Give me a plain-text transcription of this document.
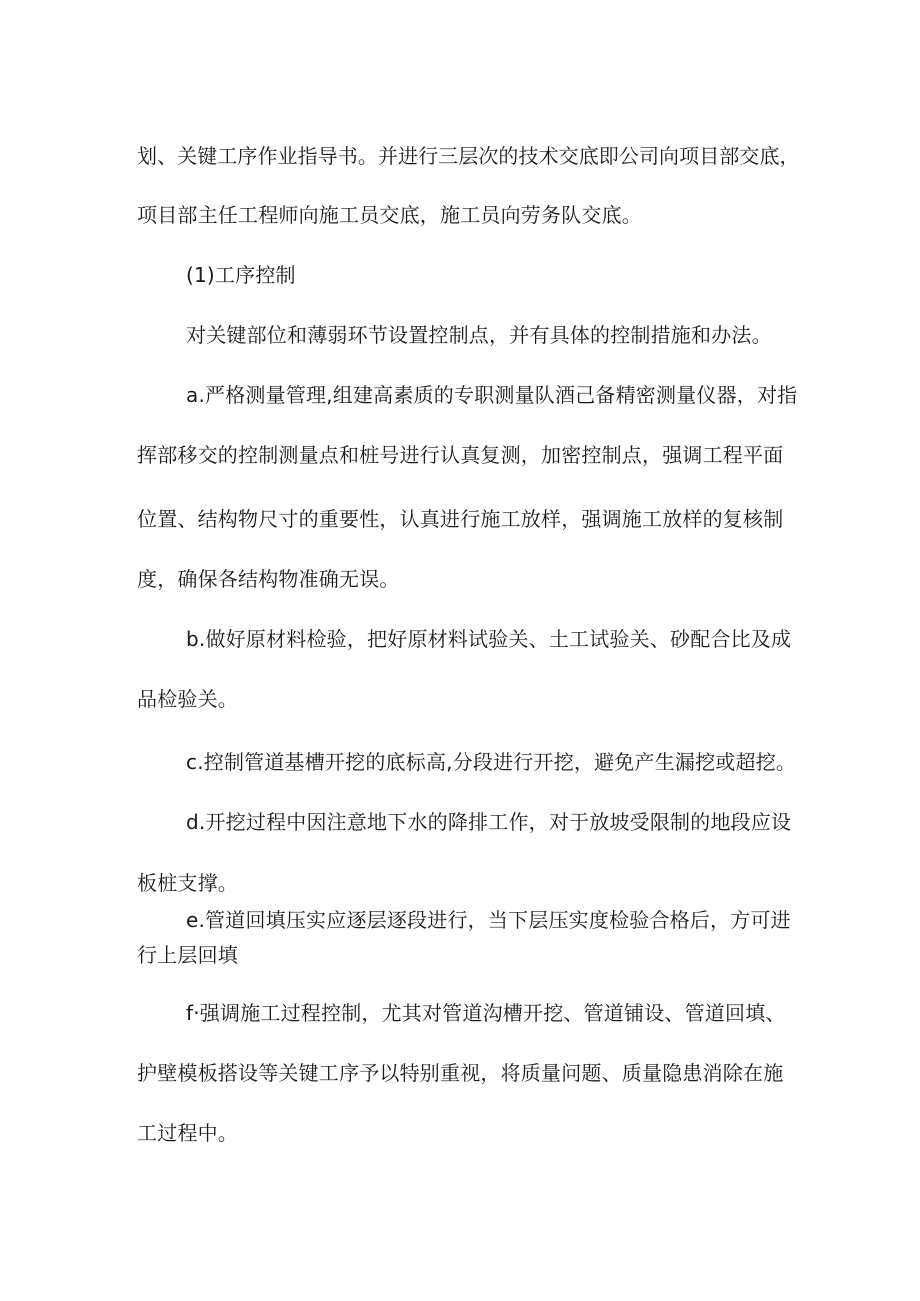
划、关键工序作业指导书。并进行三层次的技术交底即公司向项目部交底，
项目部主任工程师向施工员交底，施工员向劳务队交底。
(1)工序控制
对关键部位和薄弱环节设置控制点，并有具体的控制措施和办法。
a.严格测量管理,组建高素质的专职测量队酒己备精密测量仪器，对指
挥部移交的控制测量点和桩号进行认真复测，加密控制点，强调工程平面
位置、结构物尺寸的重要性，认真进行施工放样，强调施工放样的复核制
度，确保各结构物准确无误。
b.做好原材料检验，把好原材料试验关、土工试验关、砂配合比及成
品检验关。
c.控制管道基槽开挖的底标高,分段进行开挖，避免产生漏挖或超挖。
d.开挖过程中因注意地下水的降排工作，对于放坡受限制的地段应设
板桩支撑。
e.管道回填压实应逐层逐段进行，当下层压实度检验合格后，方可进
行上层回填
f·强调施工过程控制，尤其对管道沟槽开挖、管道铺设、管道回填、
护壁模板搭设等关键工序予以特别重视，将质量问题、质量隐患消除在施
工过程中。
